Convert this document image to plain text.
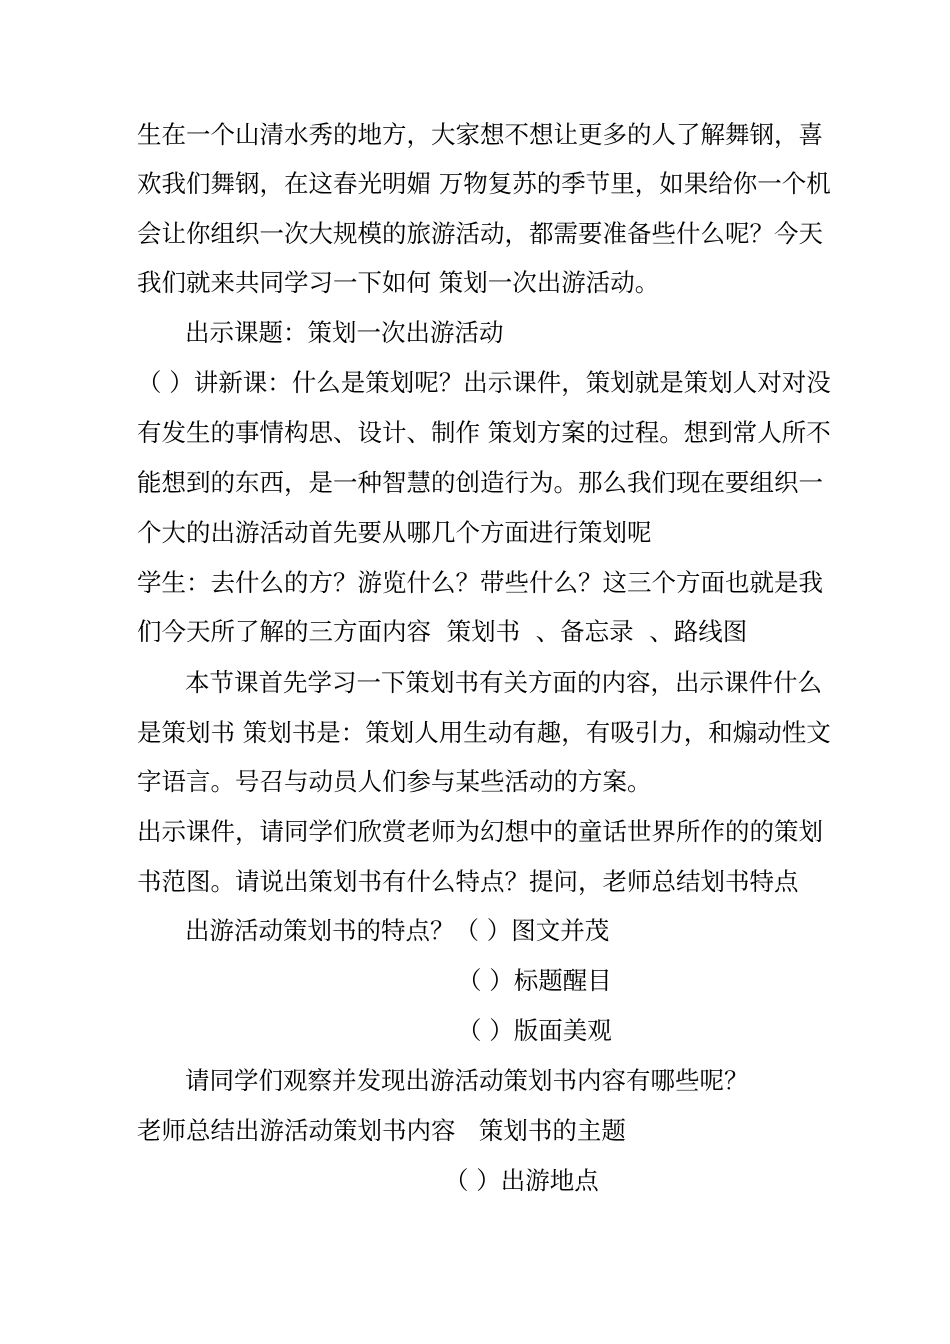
生在一个山清水秀的地方，大家想不想让更多的人了解舞钢，喜
欢我们舞钢，在这春光明媚 万物复苏的季节里，如果给你一个机
会让你组织一次大规模的旅游活动，都需要准备些什么呢？今天
我们就来共同学习一下如何 策划一次出游活动。
出示课题：策划一次出游活动
（ ）讲新课：什么是策划呢？出示课件，策划就是策划人对对没
有发生的事情构思、设计、制作 策划方案的过程。想到常人所不
能想到的东西，是一种智慧的创造行为。那么我们现在要组织一
个大的出游活动首先要从哪几个方面进行策划呢
学生：去什么的方？游览什么？带些什么？这三个方面也就是我
们今天所了解的三方面内容  策划书  、备忘录  、路线图
本节课首先学习一下策划书有关方面的内容，出示课件什么
是策划书 策划书是：策划人用生动有趣，有吸引力，和煽动性文
字语言。号召与动员人们参与某些活动的方案。
出示课件，请同学们欣赏老师为幻想中的童话世界所作的的策划
书范图。请说出策划书有什么特点？提问，老师总结划书特点
出游活动策划书的特点？（ ）图文并茂
（ ）标题醒目
（ ）版面美观
请同学们观察并发现出游活动策划书内容有哪些呢？
老师总结出游活动策划书内容   策划书的主题
（ ）出游地点
